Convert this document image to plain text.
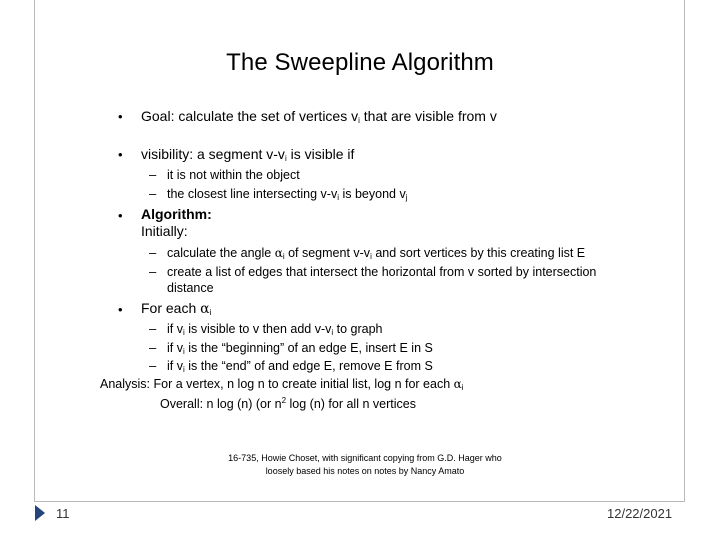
The Sweepline Algorithm
• Goal: calculate the set of vertices $v_i$ that are visible from v
• visibility: a segment $v-v_i$ is visible if
– it is not within the object
– the closest line intersecting $v-v_i$ is beyond $v_j$
• Algorithm:
Initially:
– calculate the angle $\alpha_i$ of segment $v-v_i$ and sort vertices by this creating list E
– create a list of edges that intersect the horizontal from v sorted by intersection
distance
• For each $\alpha_i$
– if $v_i$ is visible to v then add $v-v_i$ to graph
– if $v_i$ is the “beginning” of an edge E, insert E in S
– if $v_i$ is the “end” of and edge E, remove E from S
Analysis: For a vertex, n log n to create initial list, log n for each $\alpha_i$
Overall: n log (n) (or $n^2$ log (n) for all n vertices
16-735, Howie Choset, with significant copying from G.D. Hager who
loosely based his notes on notes by Nancy Amato
11	12/22/2021
